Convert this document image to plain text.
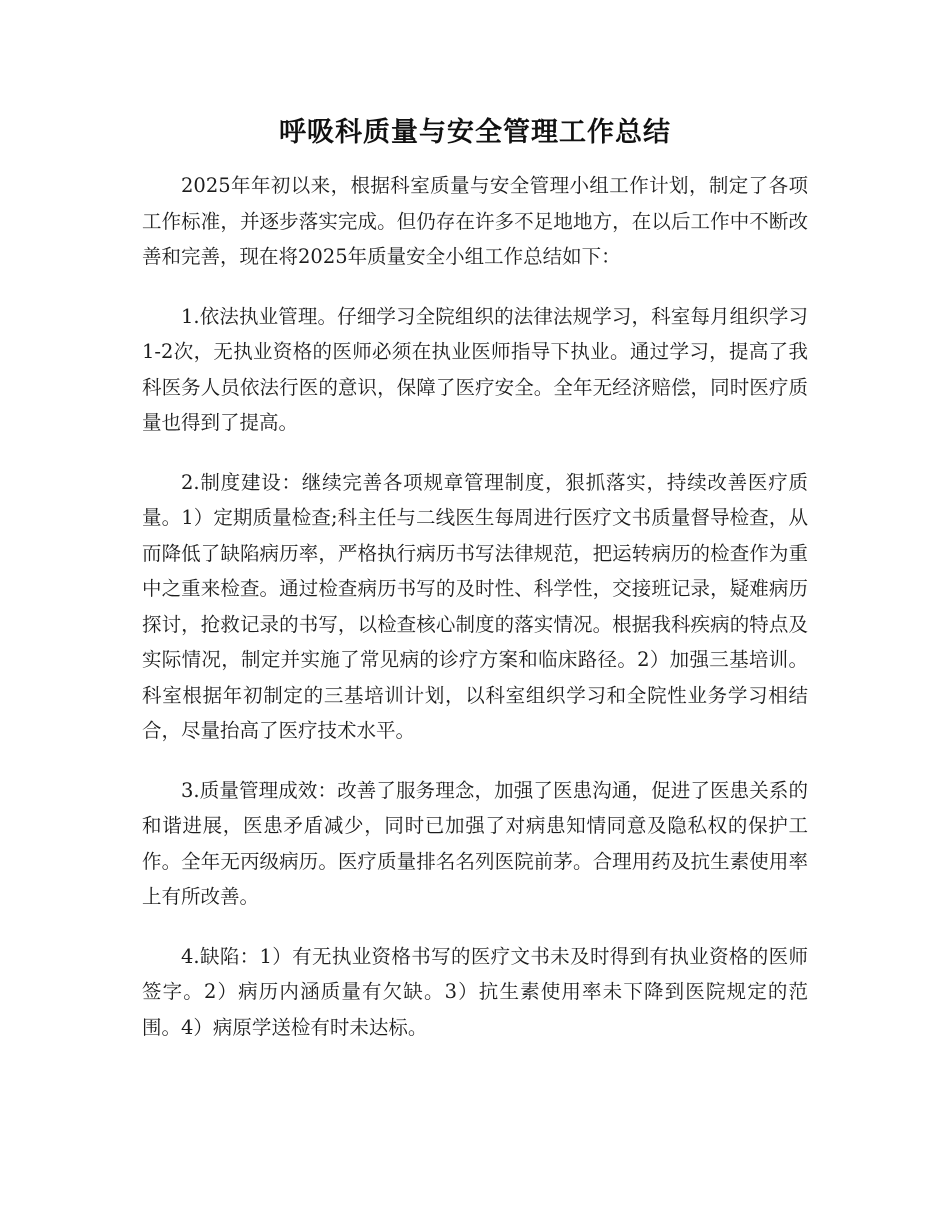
呼吸科质量与安全管理工作总结

2025年年初以来，根据科室质量与安全管理小组工作计划，制定了各项工作标准，并逐步落实完成。但仍存在许多不足地地方，在以后工作中不断改善和完善，现在将2025年质量安全小组工作总结如下：

1.依法执业管理。仔细学习全院组织的法律法规学习，科室每月组织学习1-2次，无执业资格的医师必须在执业医师指导下执业。通过学习，提高了我科医务人员依法行医的意识，保障了医疗安全。全年无经济赔偿，同时医疗质量也得到了提高。

2.制度建设：继续完善各项规章管理制度，狠抓落实，持续改善医疗质量。1）定期质量检查;科主任与二线医生每周进行医疗文书质量督导检查，从而降低了缺陷病历率，严格执行病历书写法律规范，把运转病历的检查作为重中之重来检查。通过检查病历书写的及时性、科学性，交接班记录，疑难病历探讨，抢救记录的书写，以检查核心制度的落实情况。根据我科疾病的特点及实际情况，制定并实施了常见病的诊疗方案和临床路径。2）加强三基培训。科室根据年初制定的三基培训计划，以科室组织学习和全院性业务学习相结合，尽量抬高了医疗技术水平。

3.质量管理成效：改善了服务理念，加强了医患沟通，促进了医患关系的和谐进展，医患矛盾减少，同时已加强了对病患知情同意及隐私权的保护工作。全年无丙级病历。医疗质量排名名列医院前茅。合理用药及抗生素使用率上有所改善。

4.缺陷：1）有无执业资格书写的医疗文书未及时得到有执业资格的医师签字。2）病历内涵质量有欠缺。3）抗生素使用率未下降到医院规定的范围。4）病原学送检有时未达标。
